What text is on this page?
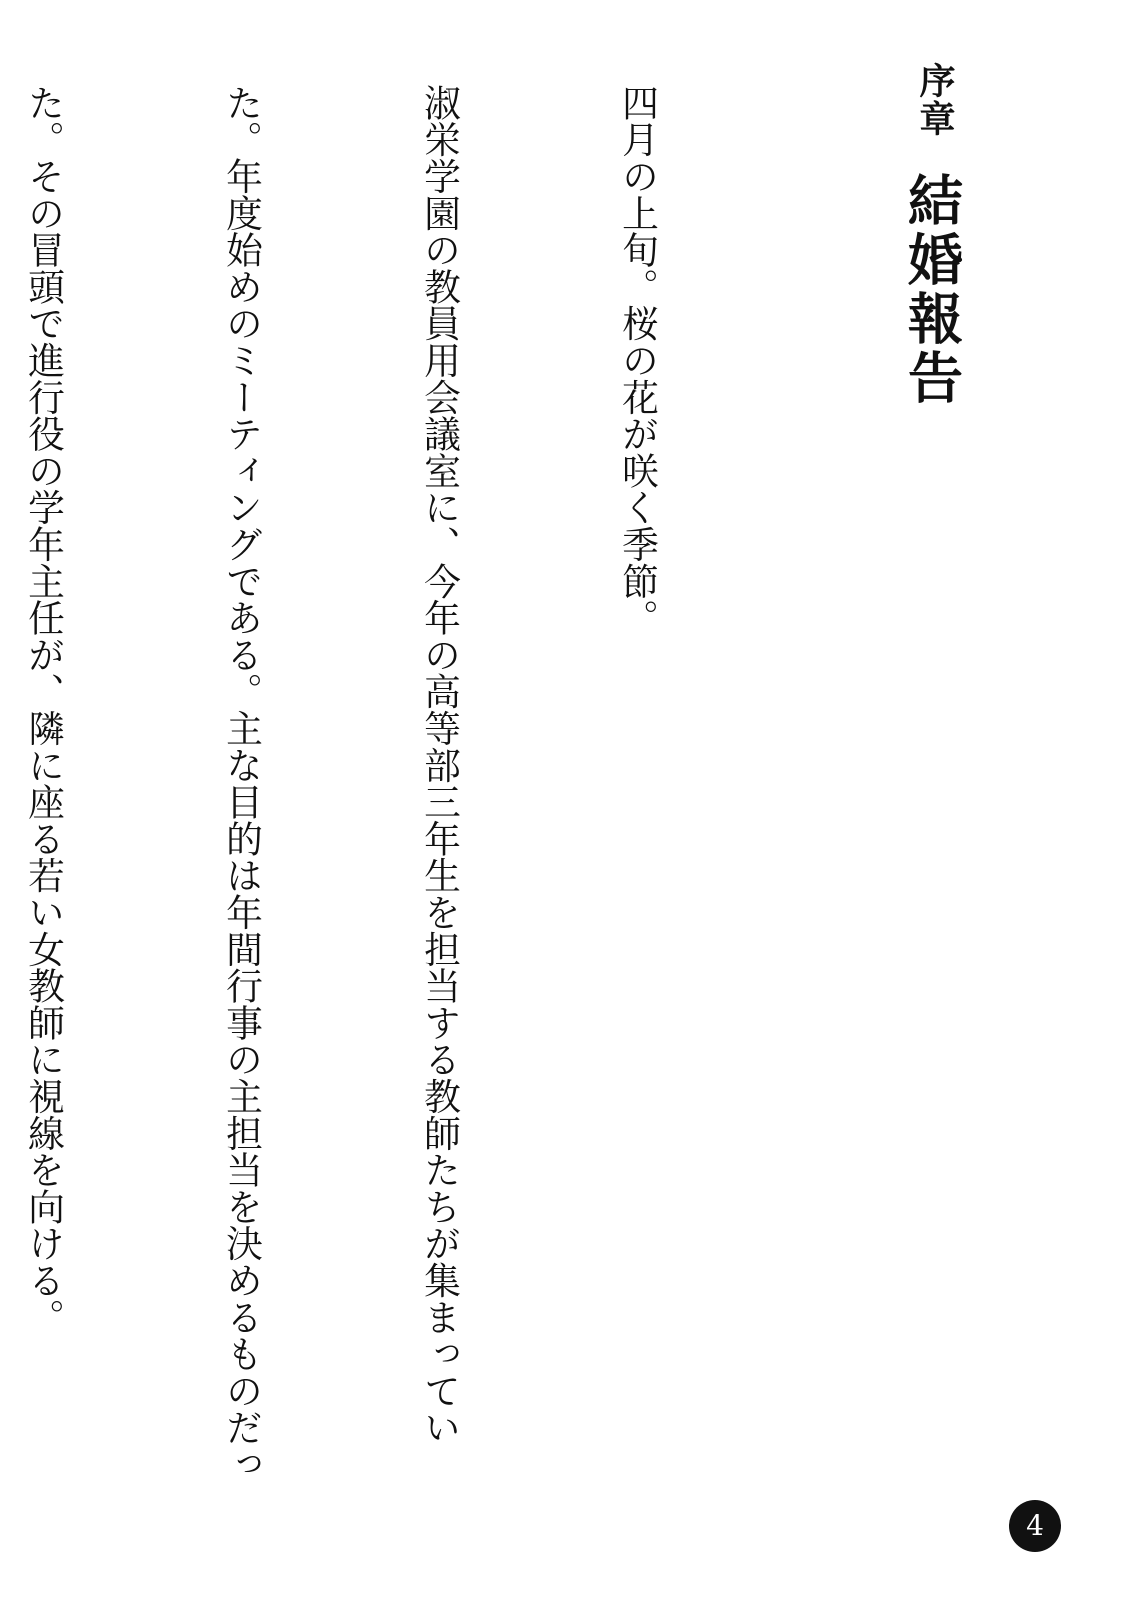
序章
結婚報告

四月の上旬。桜の花が咲く季節。

淑栄学園の教員用会議室に、今年の高等部三年生を担当する教師たちが集まってい

た。年度始めのミーティングである。主な目的は年間行事の主担当を決めるものだっ

た。その冒頭で進行役の学年主任が、隣に座る若い女教師に視線を向ける。

4
